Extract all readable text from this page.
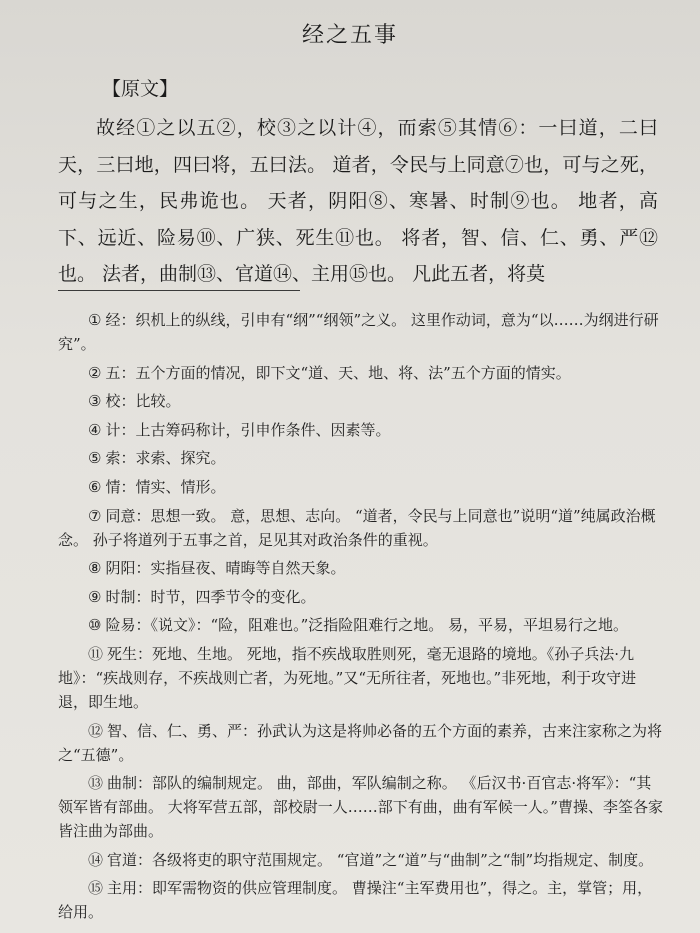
经之五事
【原文】

故经①之以五②，校③之以计④，而索⑤其情⑥：一曰道，二曰天，三曰地，四曰将，五曰法。 道者，令民与上同意⑦也，可与之死，可与之生，民弗诡也。 天者，阴阳⑧、寒暑、时制⑨也。 地者，高下、远近、险易⑩、广狭、死生⑪也。 将者，智、信、仁、勇、严⑫也。 法者，曲制⑬、官道⑭、主用⑮也。 凡此五者，将莫

① 经：织机上的纵线，引申有“纲”“纲领”之义。 这里作动词，意为“以……为纲进行研究”。

② 五：五个方面的情况，即下文“道、天、地、将、法”五个方面的情实。

③ 校：比较。

④ 计：上古筹码称计，引申作条件、因素等。

⑤ 索：求索、探究。

⑥ 情：情实、情形。

⑦ 同意：思想一致。 意，思想、志向。 “道者，令民与上同意也”说明“道”纯属政治概念。 孙子将道列于五事之首，足见其对政治条件的重视。

⑧ 阴阳：实指昼夜、晴晦等自然天象。

⑨ 时制：时节，四季节令的变化。

⑩ 险易：《说文》：“险，阻难也。”泛指险阻难行之地。 易，平易，平坦易行之地。

⑪ 死生：死地、生地。 死地，指不疾战取胜则死，毫无退路的境地。《孙子兵法·九地》：“疾战则存，不疾战则亡者，为死地。”又“无所往者，死地也。”非死地，利于攻守进退，即生地。

⑫ 智、信、仁、勇、严：孙武认为这是将帅必备的五个方面的素养，古来注家称之为将之“五德”。

⑬ 曲制：部队的编制规定。 曲，部曲，军队编制之称。 《后汉书·百官志·将军》：“其领军皆有部曲。 大将军营五部，部校尉一人……部下有曲，曲有军候一人。”曹操、李筌各家皆注曲为部曲。

⑭ 官道：各级将吏的职守范围规定。 “官道”之“道”与“曲制”之“制”均指规定、制度。

⑮ 主用：即军需物资的供应管理制度。 曹操注“主军费用也”，得之。主，掌管；用，给用。
